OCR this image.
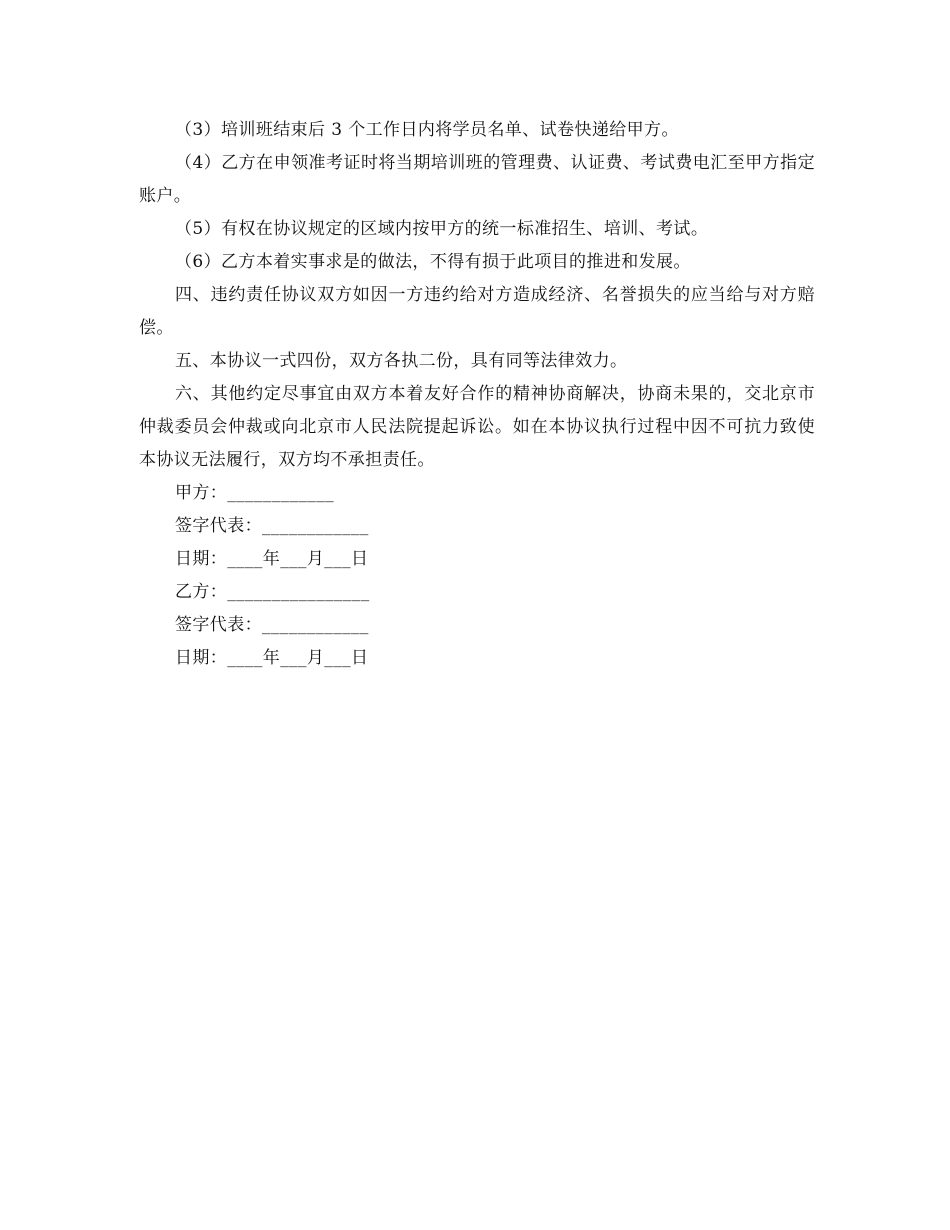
（3）培训班结束后 3 个工作日内将学员名单、试卷快递给甲方。

（4）乙方在申领准考证时将当期培训班的管理费、认证费、考试费电汇至甲方指定账户。

（5）有权在协议规定的区域内按甲方的统一标准招生、培训、考试。

（6）乙方本着实事求是的做法，不得有损于此项目的推进和发展。

四、违约责任协议双方如因一方违约给对方造成经济、名誉损失的应当给与对方赔偿。

五、本协议一式四份，双方各执二份，具有同等法律效力。

六、其他约定尽事宜由双方本着友好合作的精神协商解决，协商未果的，交北京市仲裁委员会仲裁或向北京市人民法院提起诉讼。如在本协议执行过程中因不可抗力致使本协议无法履行，双方均不承担责任。

甲方：____________

签字代表：____________

日期：____年___月___日

乙方：________________

签字代表：____________

日期：____年___月___日
